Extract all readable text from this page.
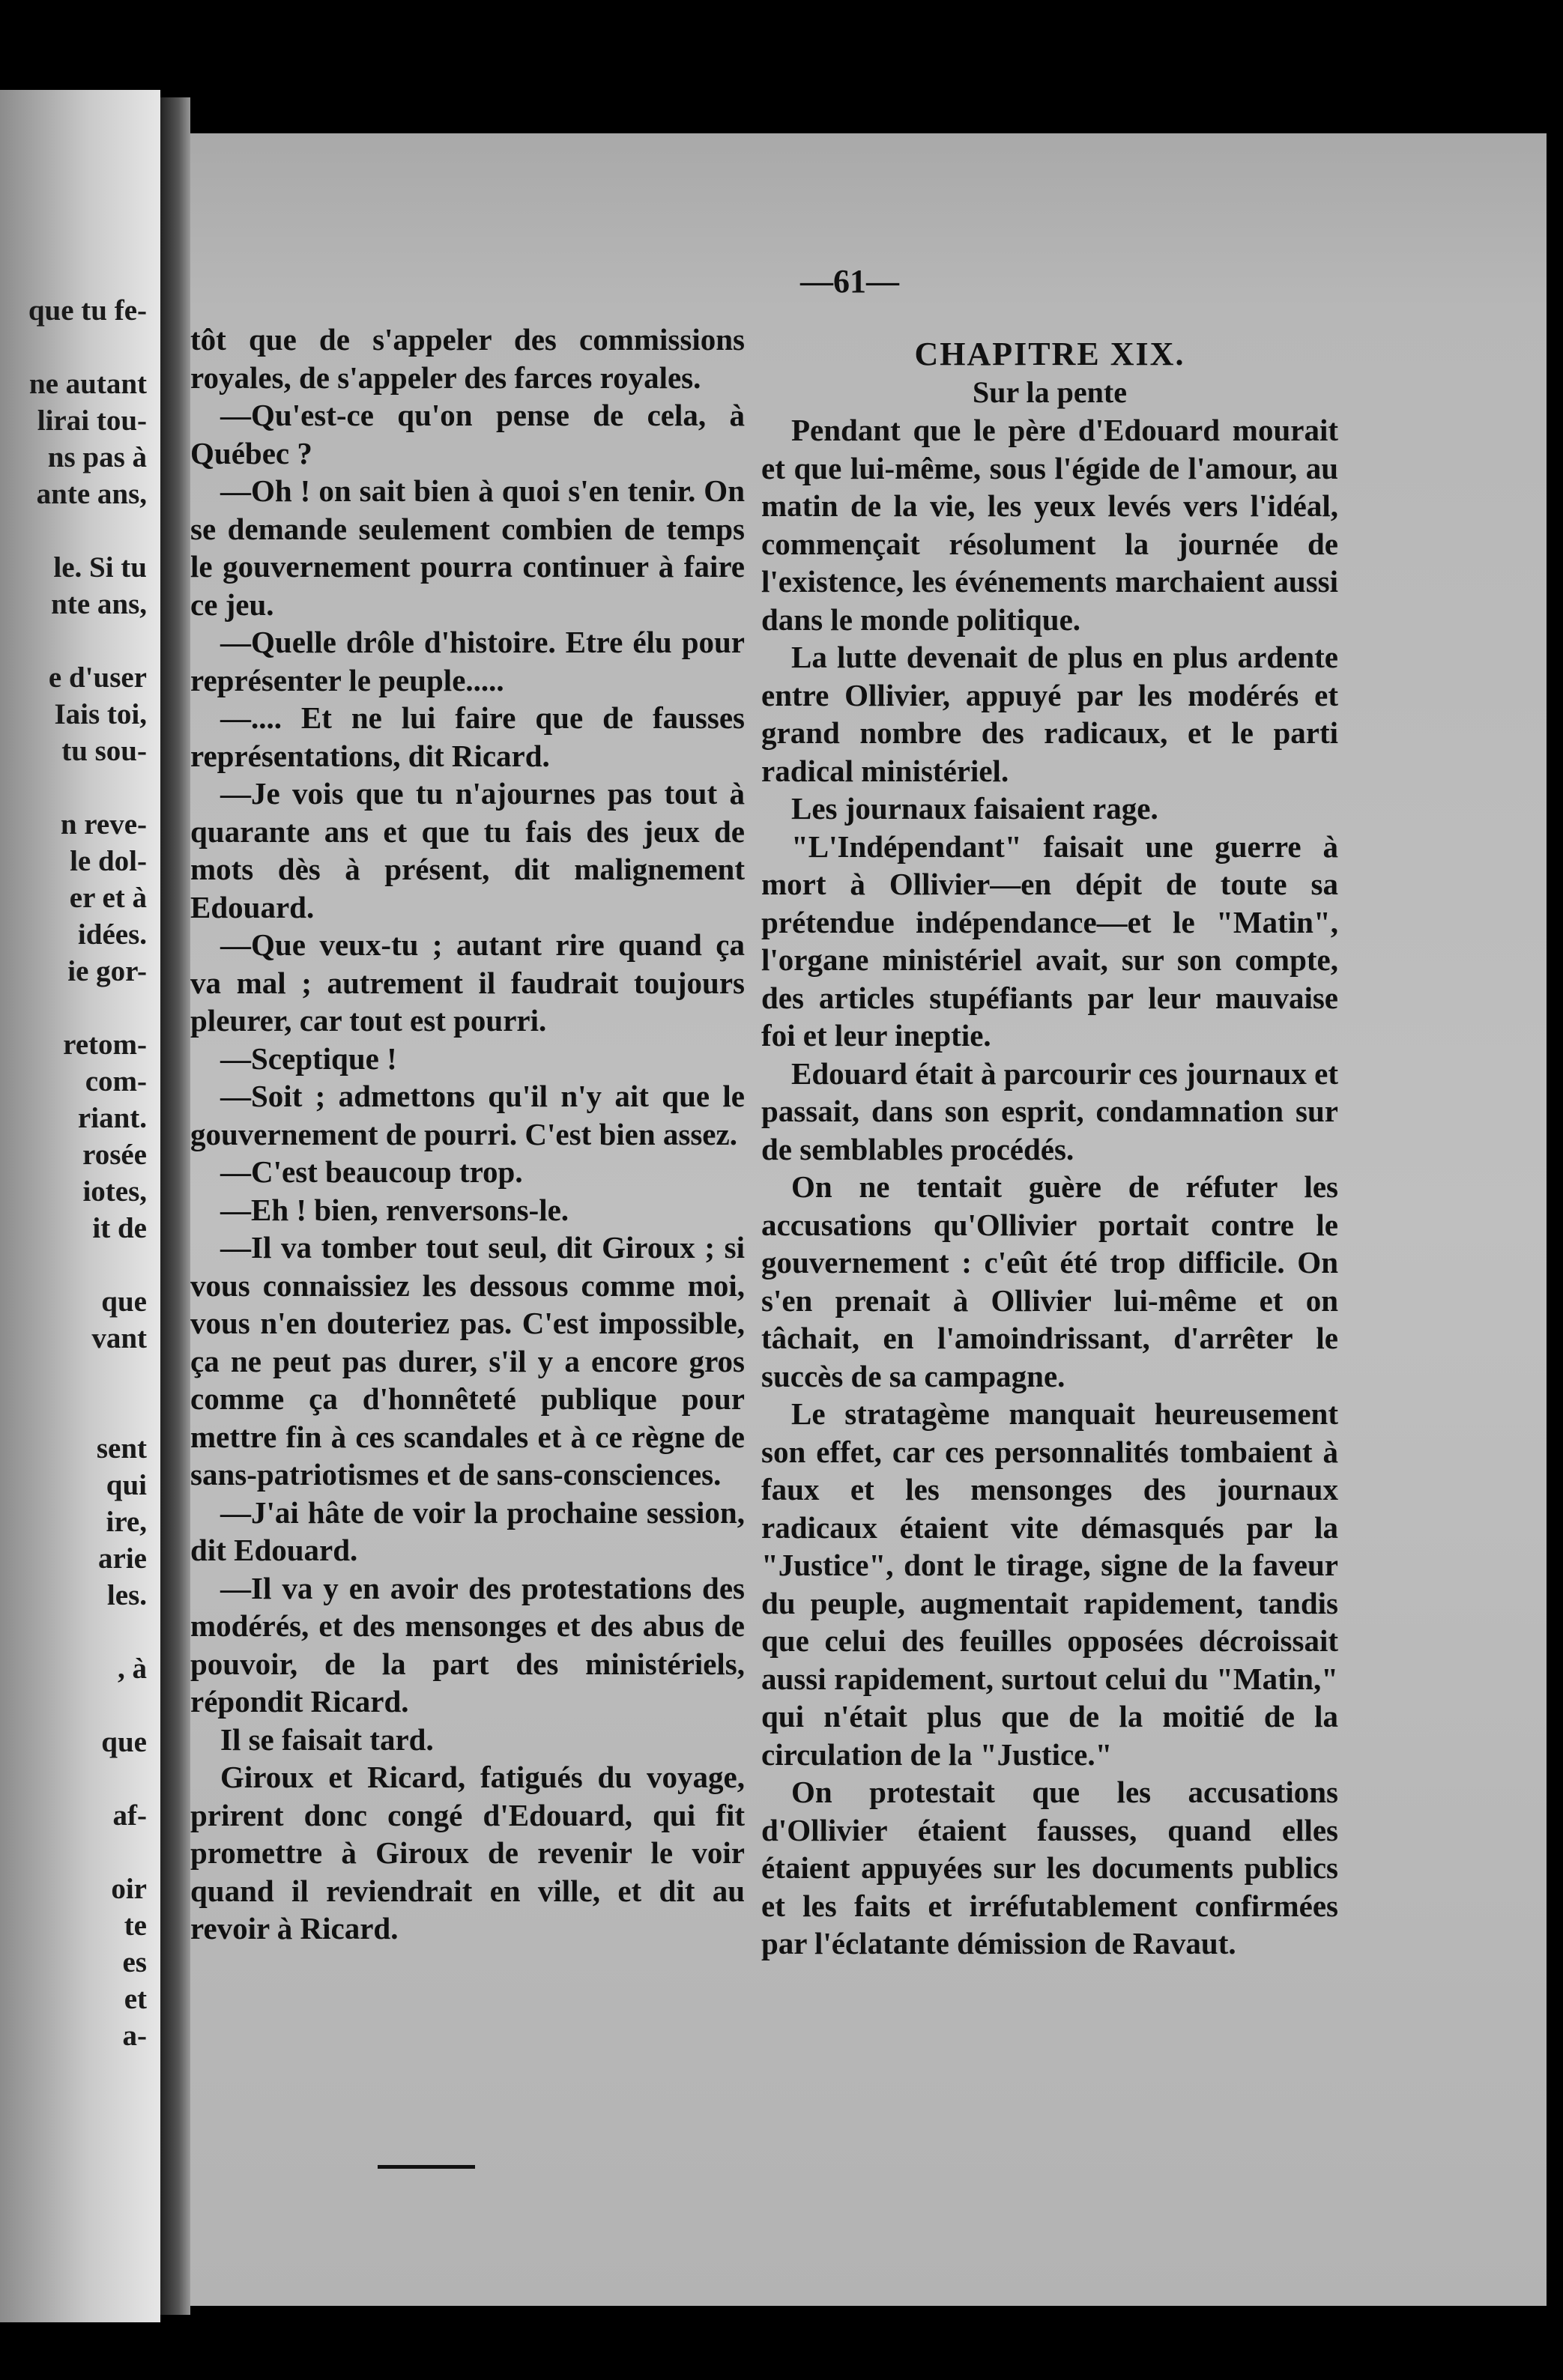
que tu fe-
ne autant
lirai tou-
ns pas à
ante ans,
le. Si tu
nte ans,
e d'user
Iais toi,
tu sou-
n reve-
le dol-
er et à
idées.
ie gor-
retom-
com-
riant.
rosée
iotes,
it de
que
vant
sent
qui
ire,
arie
les.
, à
que
af-
oir
te
es
et
a-
—61—

tôt que de s'appeler des commissions royales, de s'appeler des farces royales.

—Qu'est-ce qu'on pense de cela, à Québec ?

—Oh ! on sait bien à quoi s'en tenir. On se demande seulement combien de temps le gouvernement pourra continuer à faire ce jeu.

—Quelle drôle d'histoire. Etre élu pour représenter le peuple.....

—.... Et ne lui faire que de fausses représentations, dit Ricard.

—Je vois que tu n'ajournes pas tout à quarante ans et que tu fais des jeux de mots dès à présent, dit malignement Edouard.

—Que veux-tu ; autant rire quand ça va mal ; autrement il faudrait toujours pleurer, car tout est pourri.

—Sceptique !

—Soit ; admettons qu'il n'y ait que le gouvernement de pourri. C'est bien assez.

—C'est beaucoup trop.

—Eh ! bien, renversons-le.

—Il va tomber tout seul, dit Giroux ; si vous connaissiez les dessous comme moi, vous n'en douteriez pas. C'est impossible, ça ne peut pas durer, s'il y a encore gros comme ça d'honnêteté publique pour mettre fin à ces scandales et à ce règne de sans-patriotismes et de sans-consciences.

—J'ai hâte de voir la prochaine session, dit Edouard.

—Il va y en avoir des protestations des modérés, et des mensonges et des abus de pouvoir, de la part des ministériels, répondit Ricard.

Il se faisait tard.

Giroux et Ricard, fatigués du voyage, prirent donc congé d'Edouard, qui fit promettre à Giroux de revenir le voir quand il reviendrait en ville, et dit au revoir à Ricard.

CHAPITRE XIX.

Sur la pente

Pendant que le père d'Edouard mourait et que lui-même, sous l'égide de l'amour, au matin de la vie, les yeux levés vers l'idéal, commençait résolument la journée de l'existence, les événements marchaient aussi dans le monde politique.

La lutte devenait de plus en plus ardente entre Ollivier, appuyé par les modérés et grand nombre des radicaux, et le parti radical ministériel.

Les journaux faisaient rage.

"L'Indépendant" faisait une guerre à mort à Ollivier—en dépit de toute sa prétendue indépendance—et le "Matin", l'organe ministériel avait, sur son compte, des articles stupéfiants par leur mauvaise foi et leur ineptie.

Edouard était à parcourir ces journaux et passait, dans son esprit, condamnation sur de semblables procédés.

On ne tentait guère de réfuter les accusations qu'Ollivier portait contre le gouvernement : c'eût été trop difficile. On s'en prenait à Ollivier lui-même et on tâchait, en l'amoindrissant, d'arrêter le succès de sa campagne.

Le stratagème manquait heureusement son effet, car ces personnalités tombaient à faux et les mensonges des journaux radicaux étaient vite démasqués par la "Justice", dont le tirage, signe de la faveur du peuple, augmentait rapidement, tandis que celui des feuilles opposées décroissait aussi rapidement, surtout celui du "Matin," qui n'était plus que de la moitié de la circulation de la "Justice."

On protestait que les accusations d'Ollivier étaient fausses, quand elles étaient appuyées sur les documents publics et les faits et irréfutablement confirmées par l'éclatante démission de Ravaut.
